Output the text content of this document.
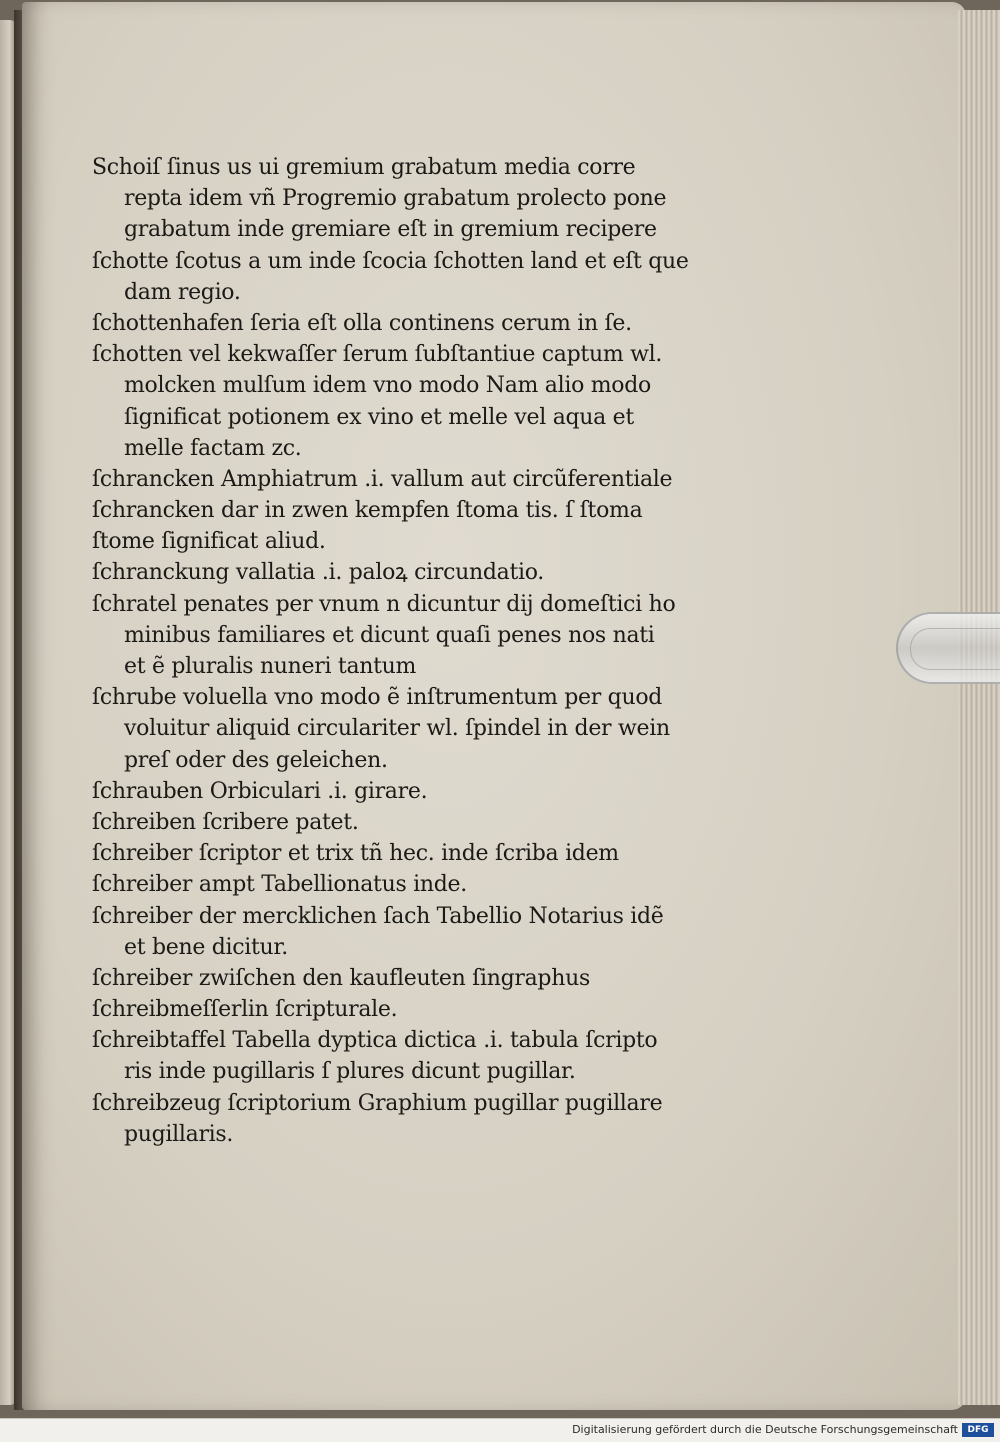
Schoiſ ſinus us ui gremium grabatum media corre
repta idem vñ Progremio grabatum prolecto pone
grabatum inde gremiare eſt in gremium recipere
ſchotte ſcotus a um inde ſcocia ſchotten land et eſt que
dam regio.
ſchottenhafen ſeria eſt olla continens cerum in ſe.
ſchotten vel kekwaſſer ſerum ſubſtantiue captum wl.
molcken mulſum idem vno modo Nam alio modo
ſignificat potionem ex vino et melle vel aqua et
melle factam zc.
ſchrancken Amphiatrum .i. vallum aut circũferentiale
ſchrancken dar in zwen kempfen ſtoma tis. ſ ſtoma
ſtome ſignificat aliud.
ſchranckung vallatia .i. paloꝝ circundatio.
ſchratel penates per vnum n dicuntur dij domeſtici ho
minibus familiares et dicunt quaſi penes nos nati
et ẽ pluralis nuneri tantum
ſchrube voluella vno modo ẽ inſtrumentum per quod
voluitur aliquid circulariter wl. ſpindel in der wein
preſ oder des geleichen.
ſchrauben Orbiculari .i. girare.
ſchreiben ſcribere patet.
ſchreiber ſcriptor et trix tñ hec. inde ſcriba idem
ſchreiber ampt Tabellionatus inde.
ſchreiber der mercklichen ſach Tabellio Notarius idẽ
et bene dicitur.
ſchreiber zwiſchen den kaufleuten ſingraphus
ſchreibmeſſerlin ſcripturale.
ſchreibtaffel Tabella dyptica dictica .i. tabula ſcripto
ris inde pugillaris ſ plures dicunt pugillar.
ſchreibzeug ſcriptorium Graphium pugillar pugillare
pugillaris.
Digitalisierung gefördert durch die Deutsche Forschungsgemeinschaft	DFG
